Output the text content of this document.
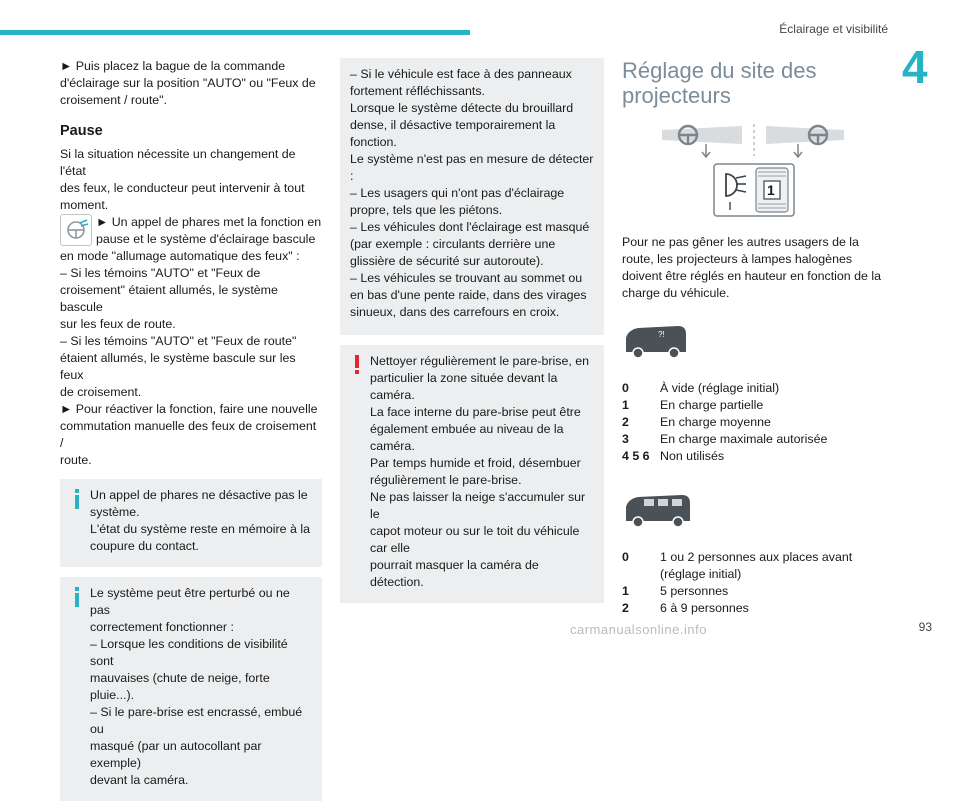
Éclairage et visibilité
4

► Puis placez la bague de la commande
d'éclairage sur la position "AUTO" ou "Feux de
croisement / route".

Pause

Si la situation nécessite un changement de l'état
des feux, le conducteur peut intervenir à tout
moment.

► Un appel de phares met la fonction en
pause et le système d'éclairage bascule
en mode "allumage automatique des feux" :
– Si les témoins "AUTO" et "Feux de
croisement" étaient allumés, le système bascule
sur les feux de route.
– Si les témoins "AUTO" et "Feux de route"
étaient allumés, le système bascule sur les feux
de croisement.
► Pour réactiver la fonction, faire une nouvelle
commutation manuelle des feux de croisement /
route.

Un appel de phares ne désactive pas le
système.
L'état du système reste en mémoire à la
coupure du contact.

Le système peut être perturbé ou ne pas
correctement fonctionner :
– Lorsque les conditions de visibilité sont
mauvaises (chute de neige, forte pluie...).
– Si le pare-brise est encrassé, embué ou
masqué (par un autocollant par exemple)
devant la caméra.

– Si le véhicule est face à des panneaux
fortement réfléchissants.
Lorsque le système détecte du brouillard
dense, il désactive temporairement la
fonction.
Le système n'est pas en mesure de détecter :
– Les usagers qui n'ont pas d'éclairage
propre, tels que les piétons.
– Les véhicules dont l'éclairage est masqué
(par exemple : circulants derrière une
glissière de sécurité sur autoroute).
– Les véhicules se trouvant au sommet ou
en bas d'une pente raide, dans des virages
sinueux, dans des carrefours en croix.

Nettoyer régulièrement le pare-brise, en
particulier la zone située devant la
caméra.
La face interne du pare-brise peut être
également embuée au niveau de la caméra.
Par temps humide et froid, désembuer
régulièrement le pare-brise.
Ne pas laisser la neige s'accumuler sur le
capot moteur ou sur le toit du véhicule car elle
pourrait masquer la caméra de détection.

Réglage du site des
projecteurs
1

Pour ne pas gêner les autres usagers de la
route, les projecteurs à lampes halogènes
doivent être réglés en hauteur en fonction de la
charge du véhicule.

?!
0	À vide (réglage initial)
1	En charge partielle
2	En charge moyenne
3	En charge maximale autorisée
4 5 6 Non utilisés
0	1 ou 2 personnes aux places avant
(réglage initial)
1	5 personnes
2	6 à 9 personnes
carmanualsonline.info	93
